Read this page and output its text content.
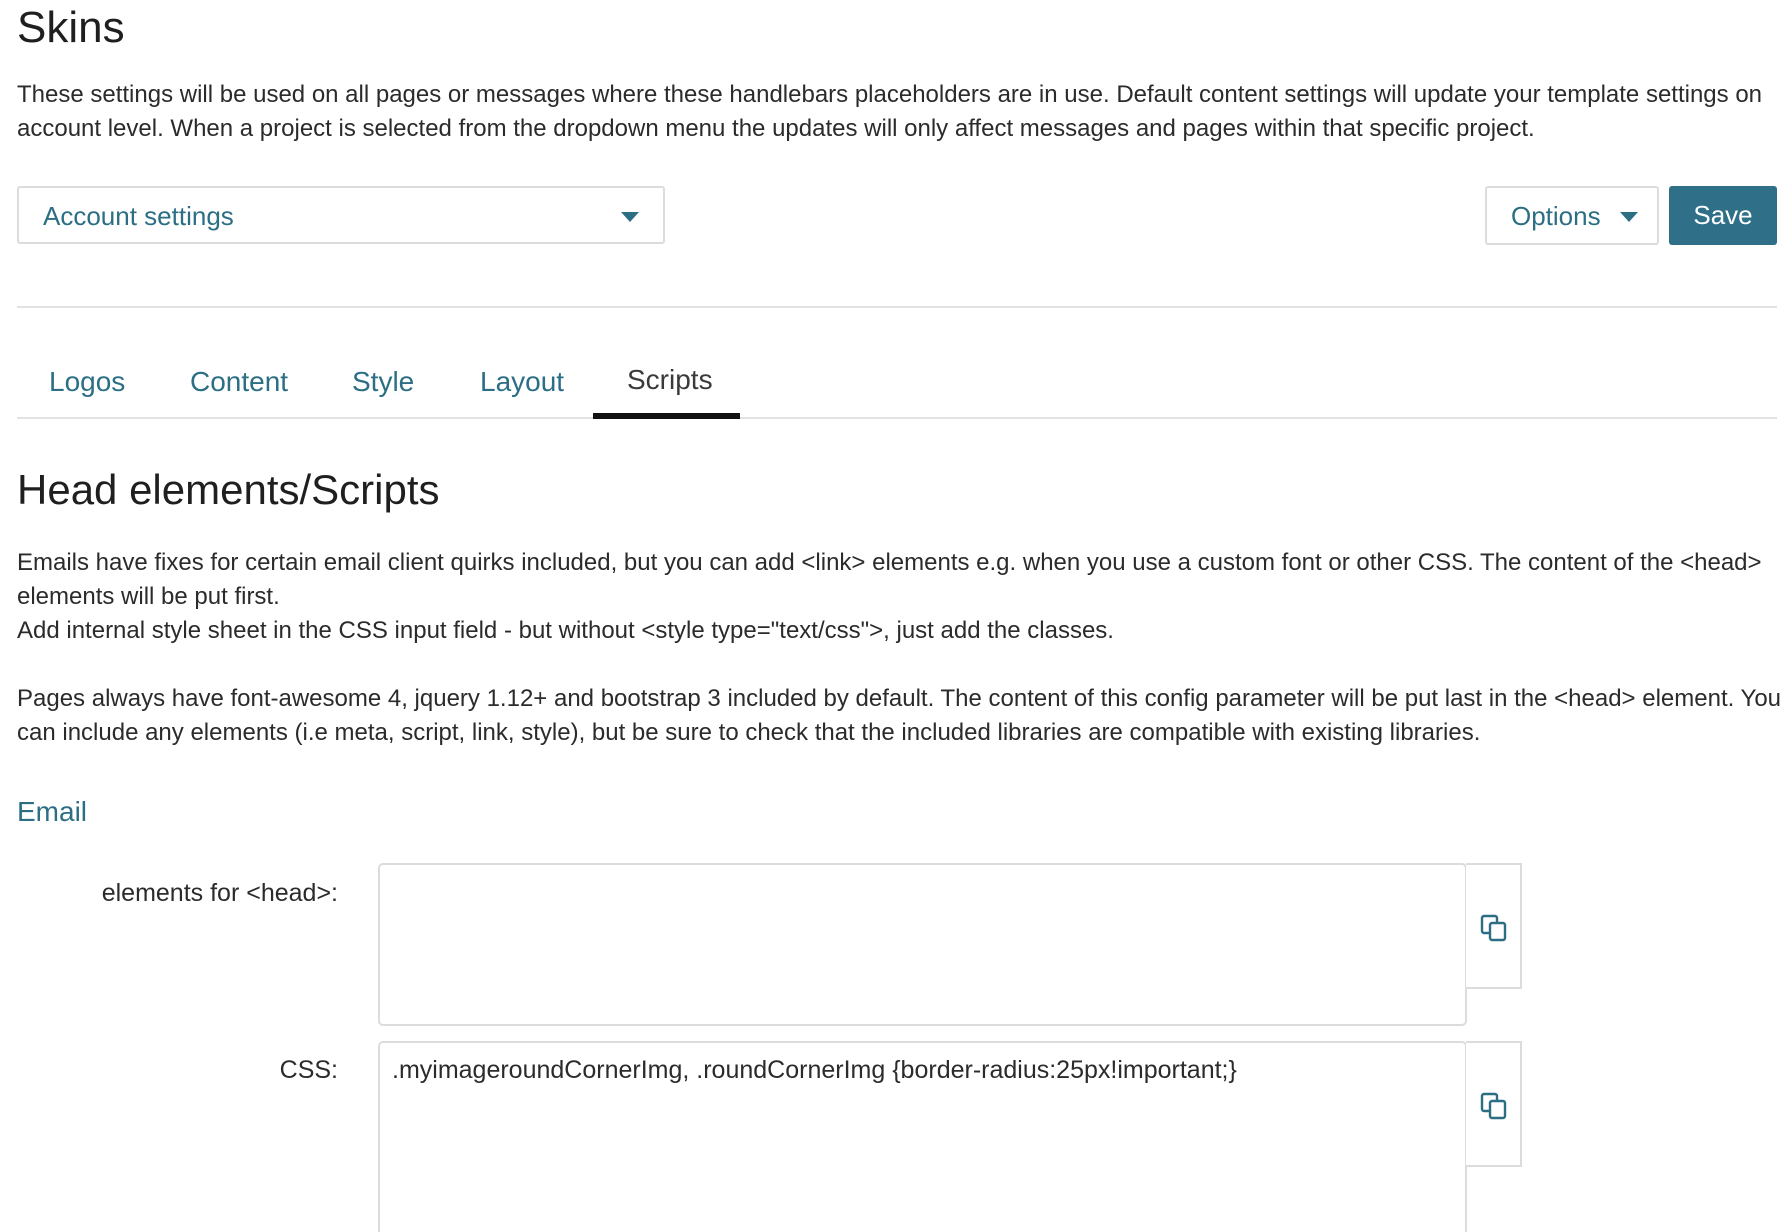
Skins
These settings will be used on all pages or messages where these handlebars placeholders are in use. Default content settings will update your template settings on account level. When a project is selected from the dropdown menu the updates will only affect messages and pages within that specific project.
Account settings	Options	Save
Logos Content Style Layout Scripts
Head elements/Scripts
Emails have fixes for certain email client quirks included, but you can add <link> elements e.g. when you use a custom font or other CSS. The content of the <head> elements will be put first.
Add internal style sheet in the CSS input field - but without <style type="text/css">, just add the classes.
Pages always have font-awesome 4, jquery 1.12+ and bootstrap 3 included by default. The content of this config parameter will be put last in the <head> element. You can include any elements (i.e meta, script, link, style), but be sure to check that the included libraries are compatible with existing libraries.
Email
elements for <head>:
CSS:
.myimageroundCornerImg, .roundCornerImg {border-radius:25px!important;}
